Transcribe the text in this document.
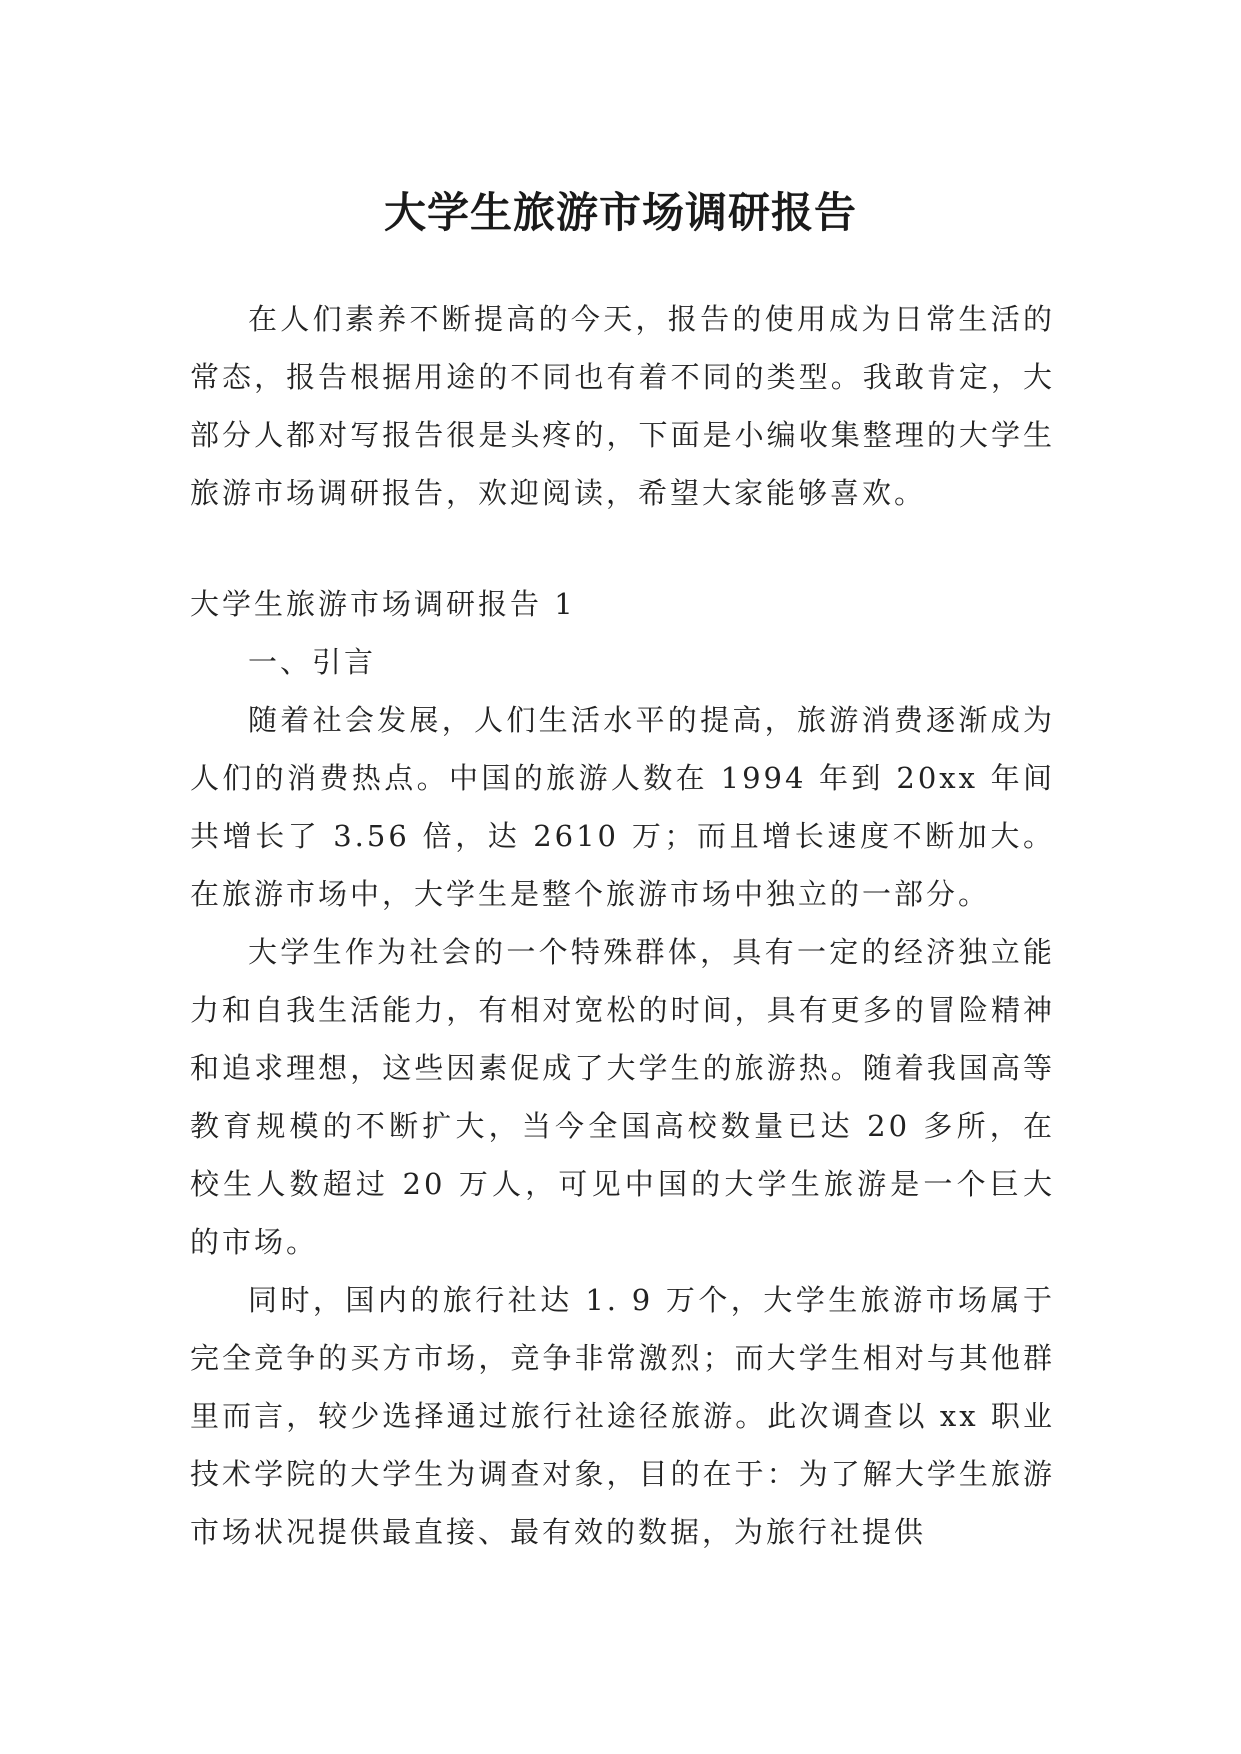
大学生旅游市场调研报告

在人们素养不断提高的今天，报告的使用成为日常生活的常态，报告根据用途的不同也有着不同的类型。我敢肯定，大部分人都对写报告很是头疼的，下面是小编收集整理的大学生旅游市场调研报告，欢迎阅读，希望大家能够喜欢。

大学生旅游市场调研报告 1

一、引言

随着社会发展，人们生活水平的提高，旅游消费逐渐成为人们的消费热点。中国的旅游人数在 1994 年到 20xx 年间共增长了 3.56 倍，达 2610 万；而且增长速度不断加大。在旅游市场中，大学生是整个旅游市场中独立的一部分。

大学生作为社会的一个特殊群体，具有一定的经济独立能力和自我生活能力，有相对宽松的时间，具有更多的冒险精神和追求理想，这些因素促成了大学生的旅游热。随着我国高等教育规模的不断扩大，当今全国高校数量已达 20 多所，在校生人数超过 20 万人，可见中国的大学生旅游是一个巨大的市场。

同时，国内的旅行社达 1. 9 万个，大学生旅游市场属于完全竞争的买方市场，竞争非常激烈；而大学生相对与其他群里而言，较少选择通过旅行社途径旅游。此次调查以 xx 职业技术学院的大学生为调查对象，目的在于：为了解大学生旅游市场状况提供最直接、最有效的数据，为旅行社提供
